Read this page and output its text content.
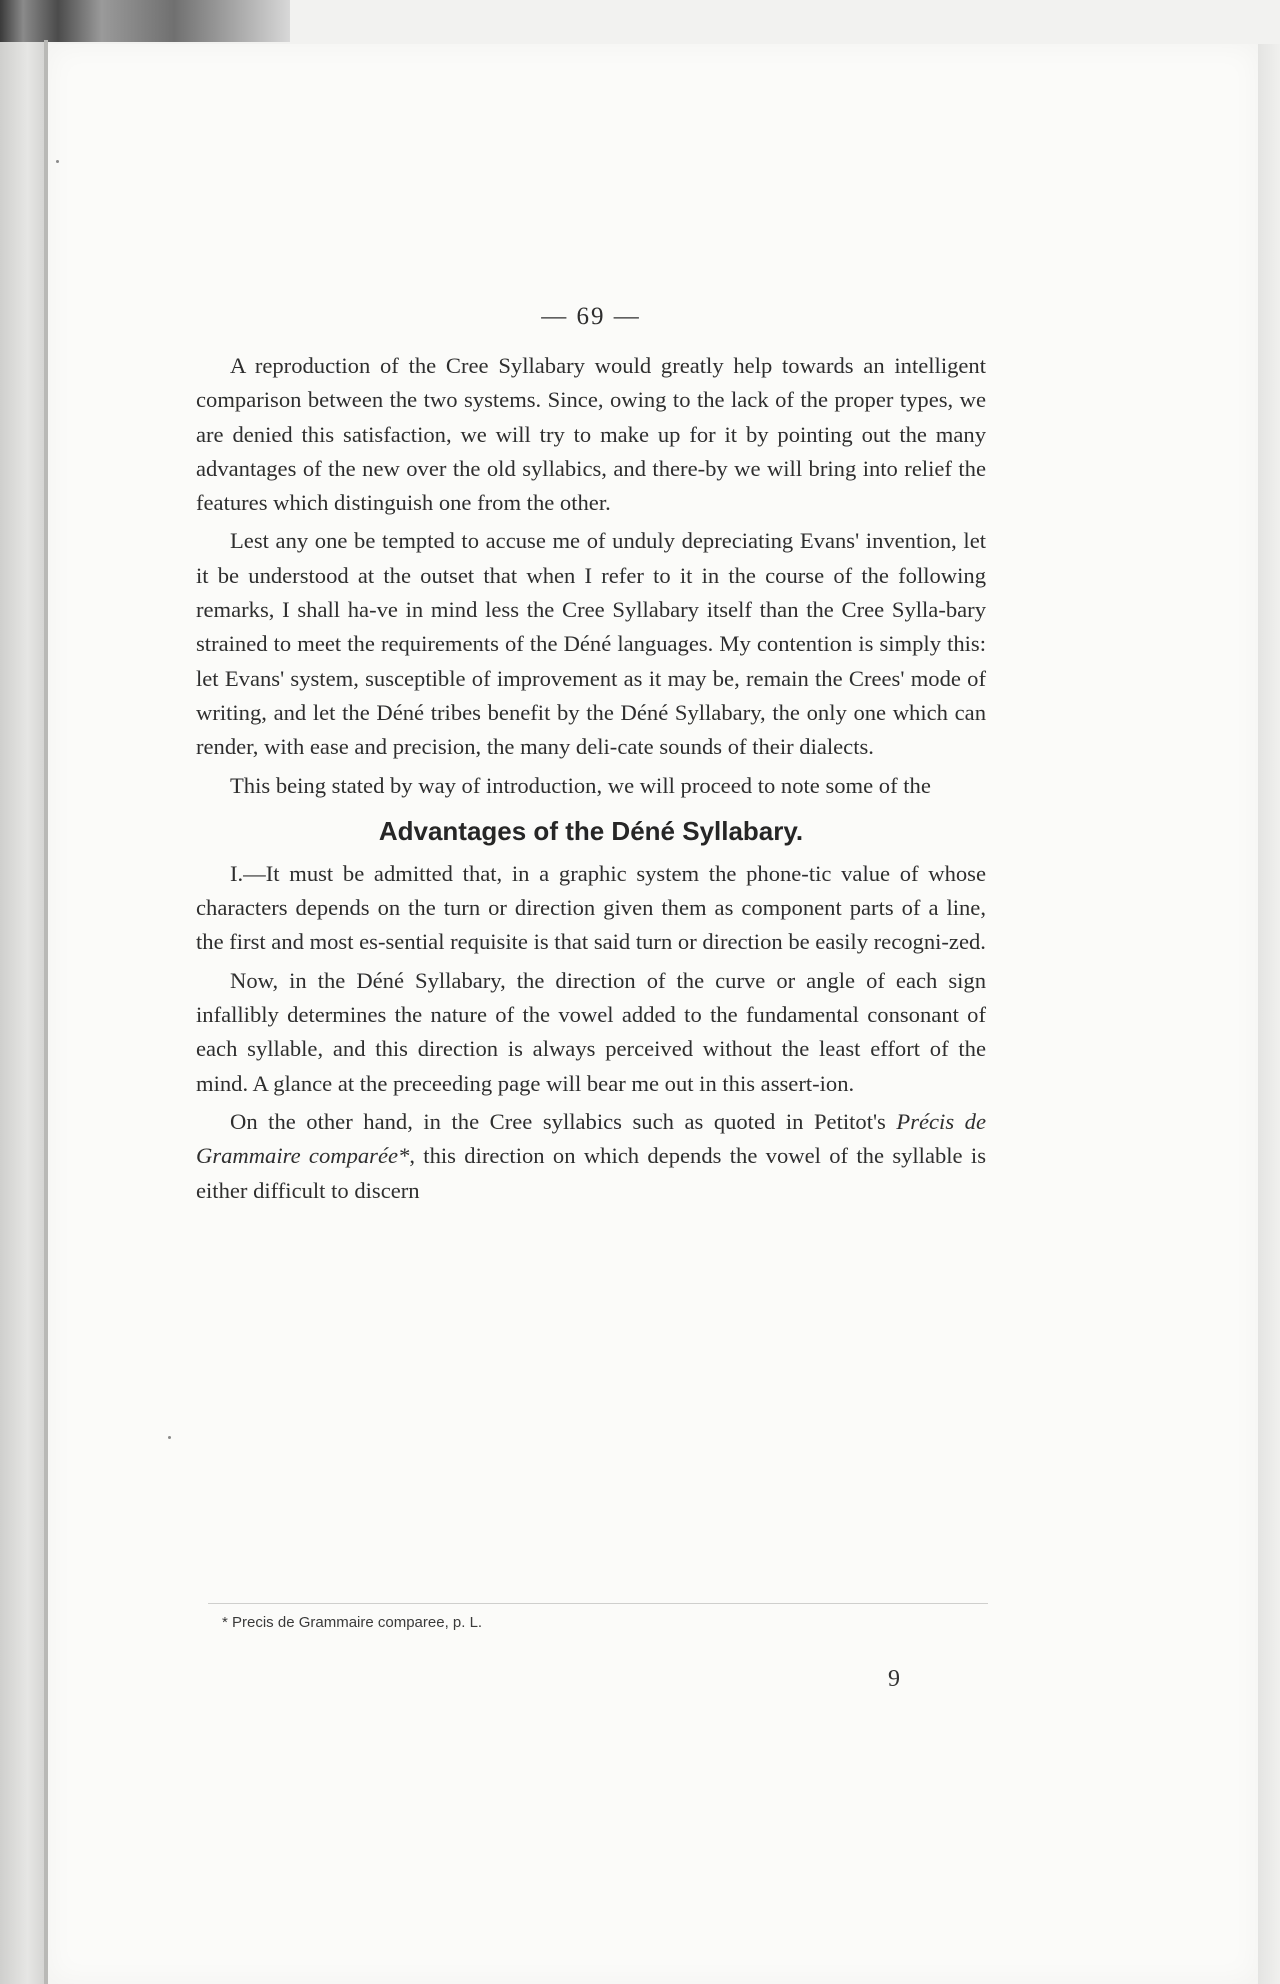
— 69 —

A reproduction of the Cree Syllabary would greatly help towards an intelligent comparison between the two systems. Since, owing to the lack of the proper types, we are denied this satisfaction, we will try to make up for it by pointing out the many advantages of the new over the old syllabics, and there-by we will bring into relief the features which distinguish one from the other.

Lest any one be tempted to accuse me of unduly depreciating Evans' invention, let it be understood at the outset that when I refer to it in the course of the following remarks, I shall ha-ve in mind less the Cree Syllabary itself than the Cree Sylla-bary strained to meet the requirements of the Déné languages. My contention is simply this: let Evans' system, susceptible of improvement as it may be, remain the Crees' mode of writing, and let the Déné tribes benefit by the Déné Syllabary, the only one which can render, with ease and precision, the many deli-cate sounds of their dialects.

This being stated by way of introduction, we will proceed to note some of the

Advantages of the Déné Syllabary.

I.—It must be admitted that, in a graphic system the phone-tic value of whose characters depends on the turn or direction given them as component parts of a line, the first and most es-sential requisite is that said turn or direction be easily recogni-zed.

Now, in the Déné Syllabary, the direction of the curve or angle of each sign infallibly determines the nature of the vowel added to the fundamental consonant of each syllable, and this direction is always perceived without the least effort of the mind. A glance at the preceeding page will bear me out in this assert-ion.

On the other hand, in the Cree syllabics such as quoted in Petitot's Précis de Grammaire comparée*, this direction on which depends the vowel of the syllable is either difficult to discern

* Precis de Grammaire comparee, p. L.
9
